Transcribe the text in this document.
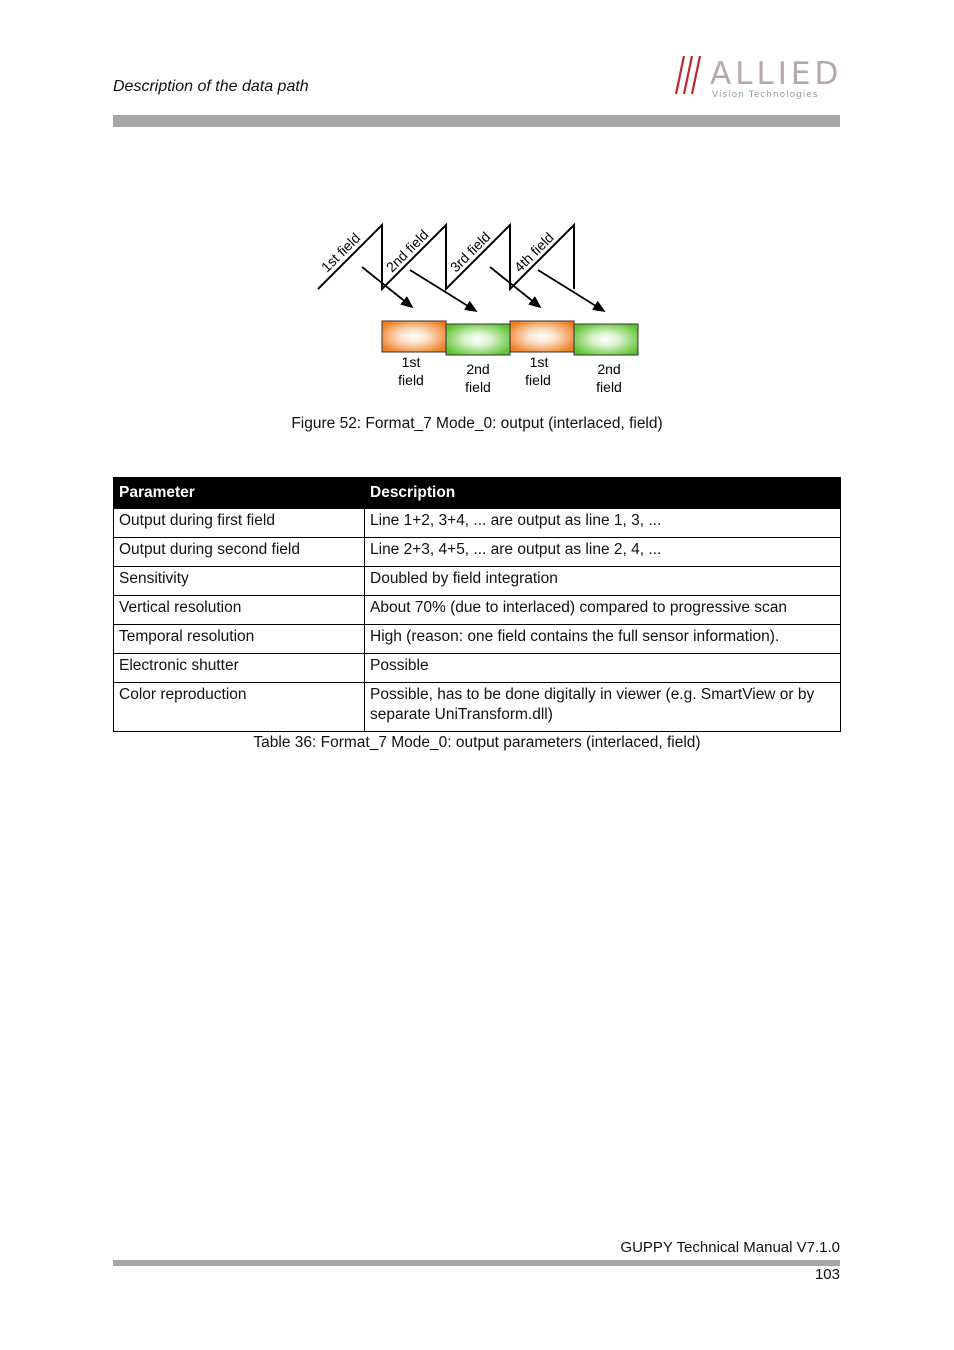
Description of the data path	ALLIED
Vision Technologies
1st field 2nd field 3rd field 4th field
1st
field
2nd
field
1st
field
2nd
field
Figure 52: Format_7 Mode_0: output (interlaced, field)
Parameter	Description
Output during first field	Line 1+2, 3+4, ... are output as line 1, 3, ...
Output during second field	Line 2+3, 4+5, ... are output as line 2, 4, ...
Sensitivity	Doubled by field integration
Vertical resolution	About 70% (due to interlaced) compared to progressive scan
Temporal resolution	High (reason: one field contains the full sensor information).
Electronic shutter	Possible
Color reproduction	Possible, has to be done digitally in viewer (e.g. SmartView or by separate UniTransform.dll)
Table 36: Format_7 Mode_0: output parameters (interlaced, field)
GUPPY Technical Manual V7.1.0
103
